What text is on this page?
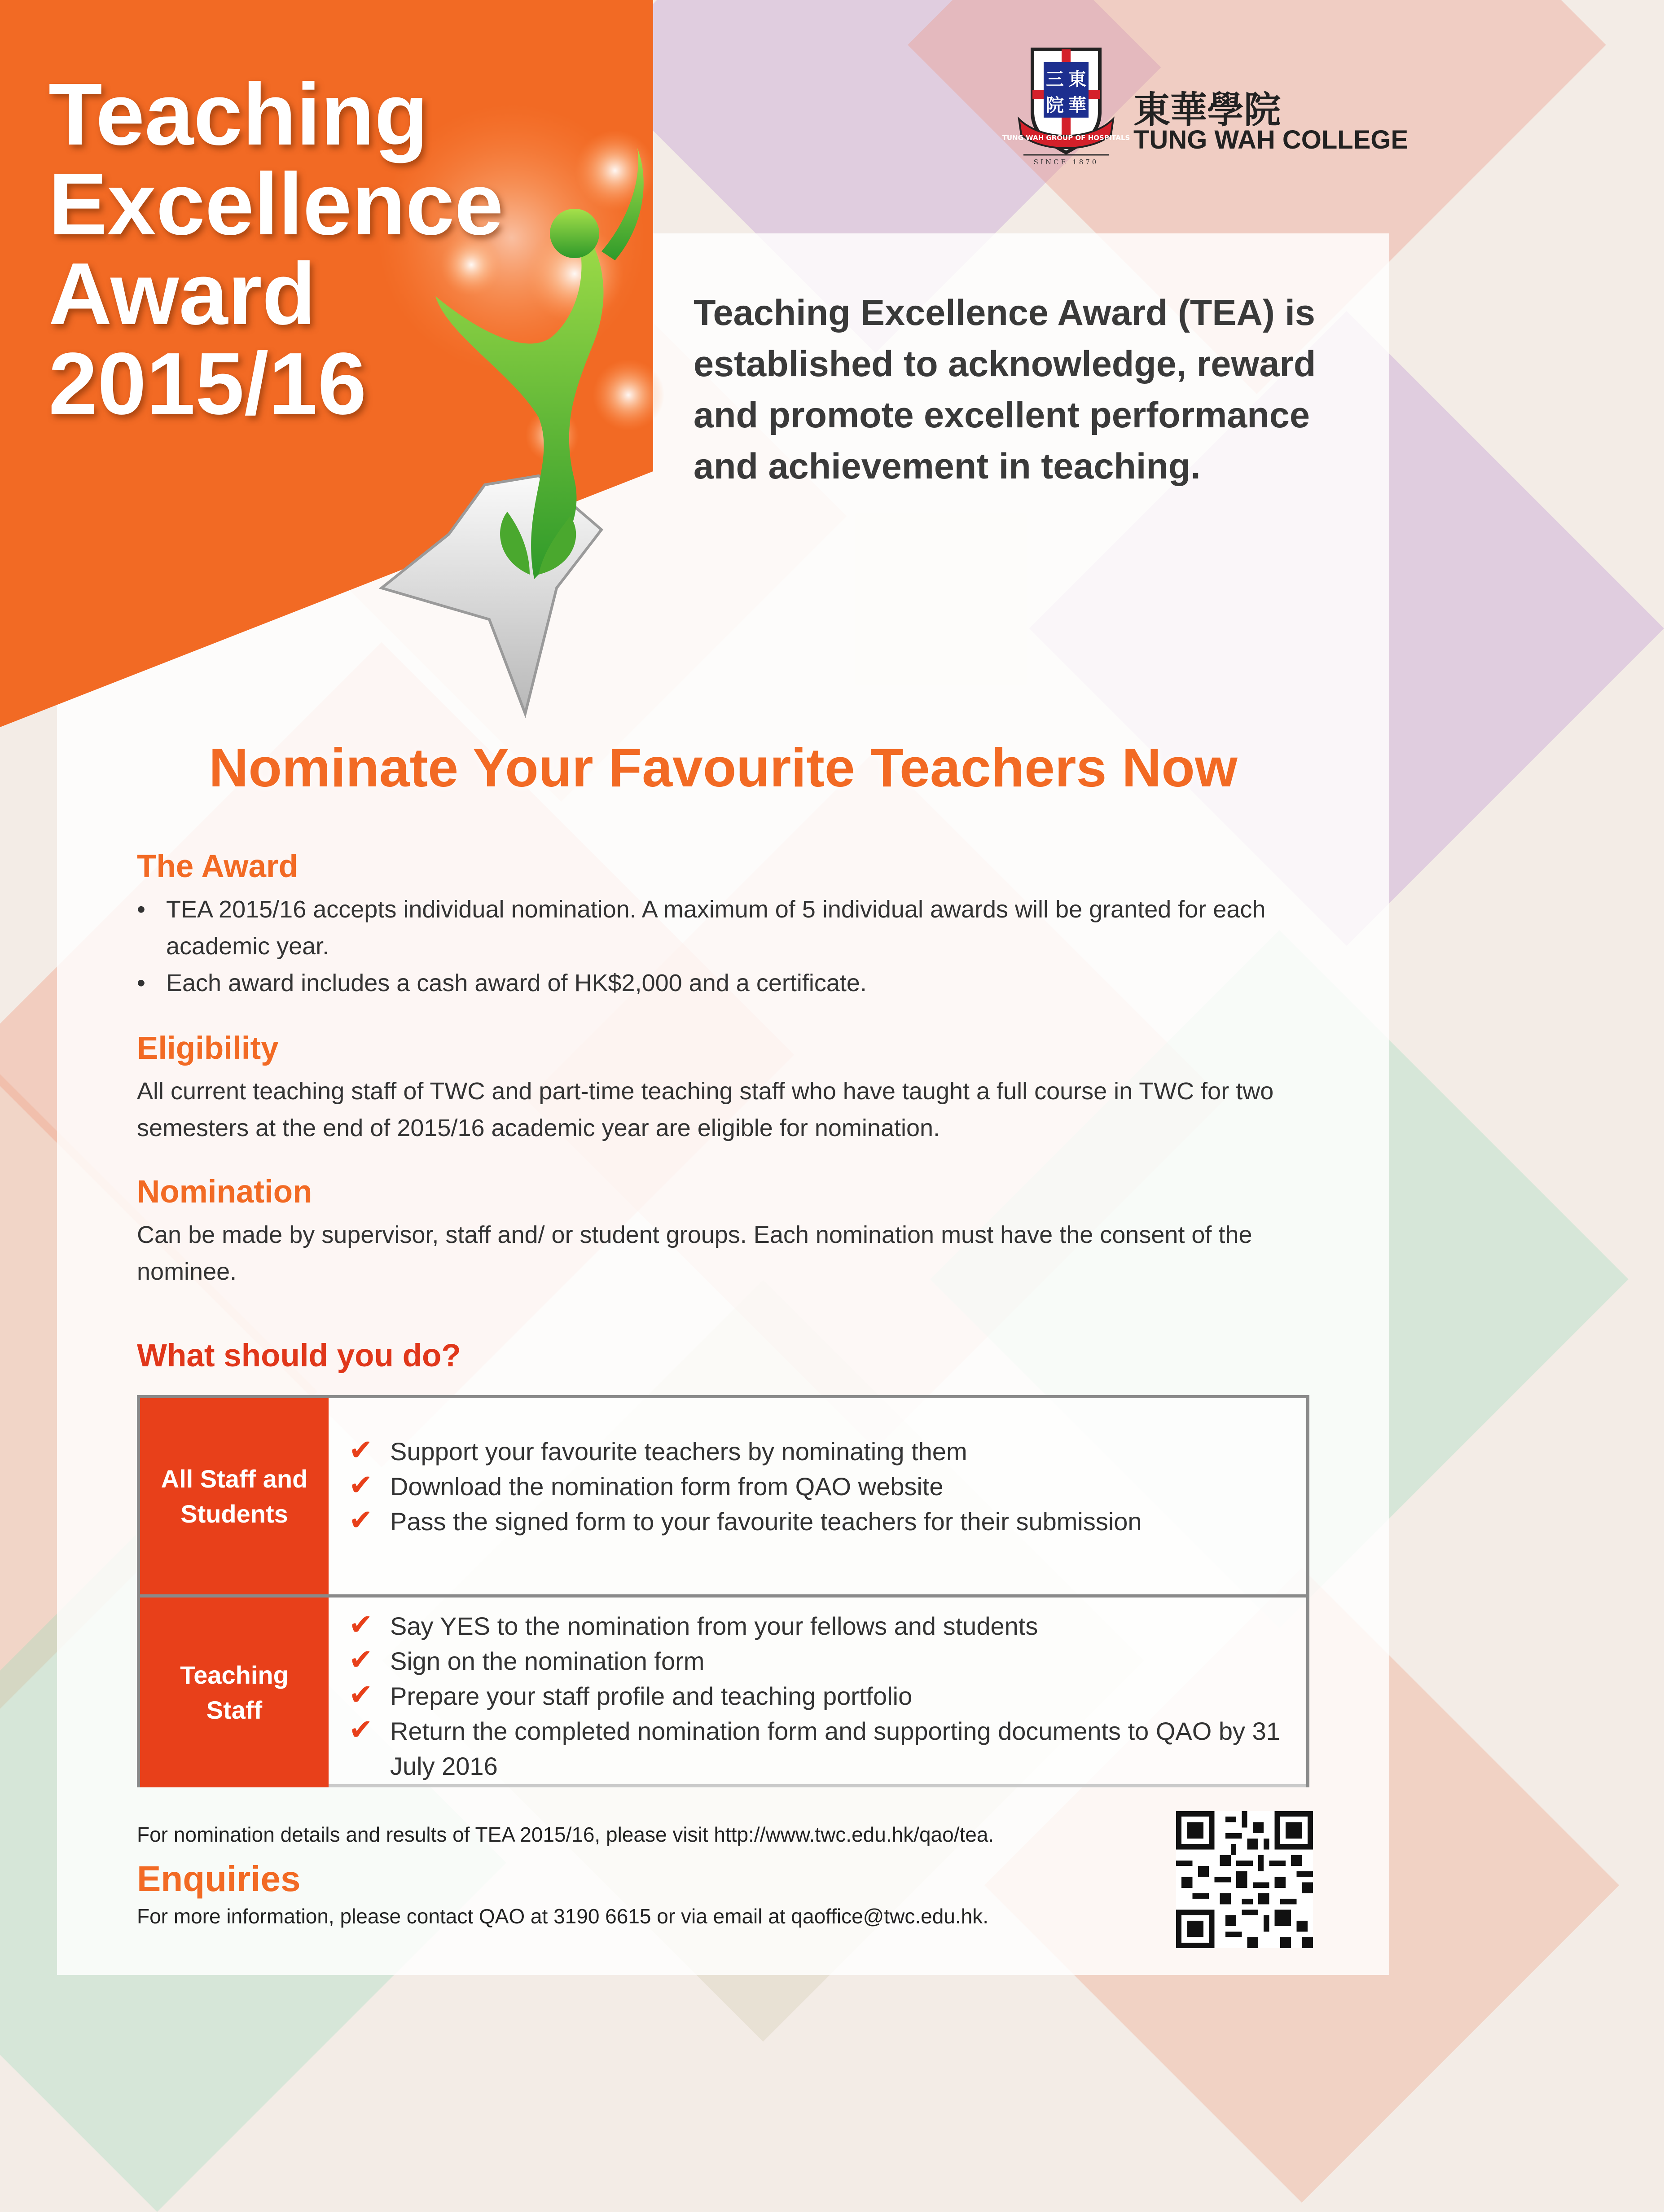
Teaching
Excellence
Award
2015/16
三 東
院 華
TUNG WAH GROUP OF HOSPITALS
SINCE 1870
東華學院
TUNG WAH COLLEGE

Teaching Excellence Award (TEA) is established to acknowledge, reward and promote excellent performance and achievement in teaching.

Nominate Your Favourite Teachers Now
The Award
• TEA 2015/16 accepts individual nomination. A maximum of 5 individual awards will be granted for each academic year.
• Each award includes a cash award of HK$2,000 and a certificate.
Eligibility

All current teaching staff of TWC and part-time teaching staff who have taught a full course in TWC for two semesters at the end of 2015/16 academic year are eligible for nomination.

Nomination

Can be made by supervisor, staff and/ or student groups. Each nomination must have the consent of the nominee.

What should you do?
All Staff and Students
✔ Support your favourite teachers by nominating them
✔ Download the nomination form from QAO website
✔ Pass the signed form to your favourite teachers for their submission
Teaching Staff
✔ Say YES to the nomination from your fellows and students
✔ Sign on the nomination form
✔ Prepare your staff profile and teaching portfolio
✔ Return the completed nomination form and supporting documents to QAO by 31 July 2016

For nomination details and results of TEA 2015/16, please visit http://www.twc.edu.hk/qao/tea.

Enquiries

For more information, please contact QAO at 3190 6615 or via email at qaoffice@twc.edu.hk.
